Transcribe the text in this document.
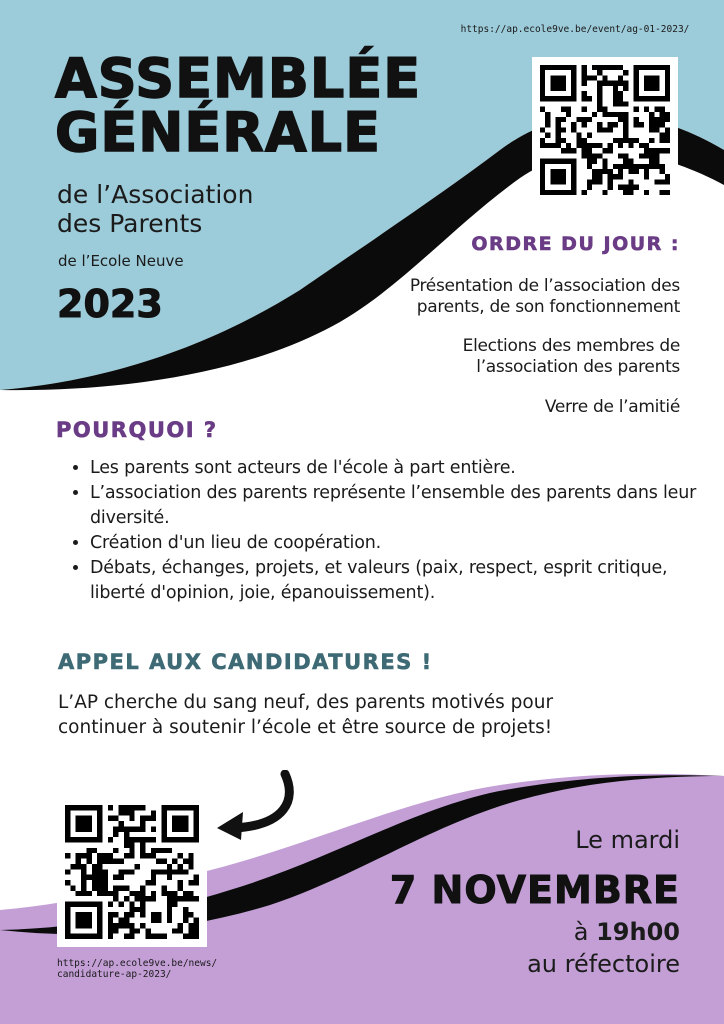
https://ap.ecole9ve.be/event/ag-01-2023/
ASSEMBLÉE
GÉNÉRALE
de l’Association
des Parents
de l’Ecole Neuve
2023
ORDRE DU JOUR :
Présentation de l’association des
parents, de son fonctionnement
Elections des membres de
l’association des parents
Verre de l’amitié
POURQUOI ?
• Les parents sont acteurs de l'école à part entière.
• L’association des parents représente l’ensemble des parents dans leur diversité.
• Création d'un lieu de coopération.
• Débats, échanges, projets, et valeurs (paix, respect, esprit critique, liberté d'opinion, joie, épanouissement).
APPEL AUX CANDIDATURES !
L’AP cherche du sang neuf, des parents motivés pour continuer à soutenir l’école et être source de projets!
https://ap.ecole9ve.be/news/
candidature-ap-2023/
Le mardi
7 NOVEMBRE
à 19h00
au réfectoire
